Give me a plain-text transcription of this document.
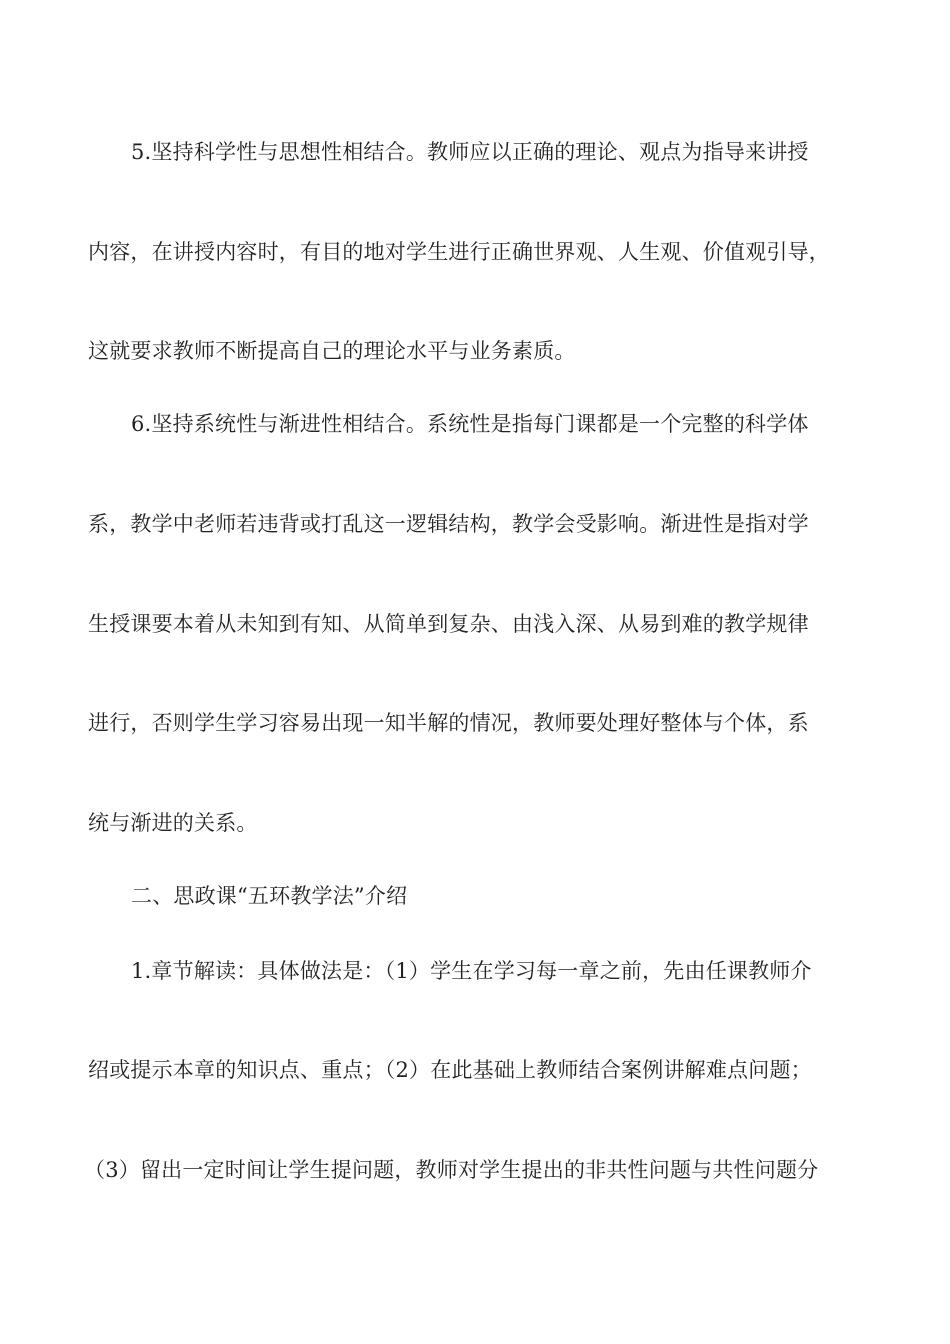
5.坚持科学性与思想性相结合。教师应以正确的理论、观点为指导来讲授
内容，在讲授内容时，有目的地对学生进行正确世界观、人生观、价值观引导，
这就要求教师不断提高自己的理论水平与业务素质。
6.坚持系统性与渐进性相结合。系统性是指每门课都是一个完整的科学体
系，教学中老师若违背或打乱这一逻辑结构，教学会受影响。渐进性是指对学
生授课要本着从未知到有知、从简单到复杂、由浅入深、从易到难的教学规律
进行，否则学生学习容易出现一知半解的情况，教师要处理好整体与个体，系
统与渐进的关系。
二、思政课“五环教学法”介绍
1.章节解读：具体做法是：（1）学生在学习每一章之前，先由任课教师介
绍或提示本章的知识点、重点；（2）在此基础上教师结合案例讲解难点问题；
（3）留出一定时间让学生提问题，教师对学生提出的非共性问题与共性问题分
